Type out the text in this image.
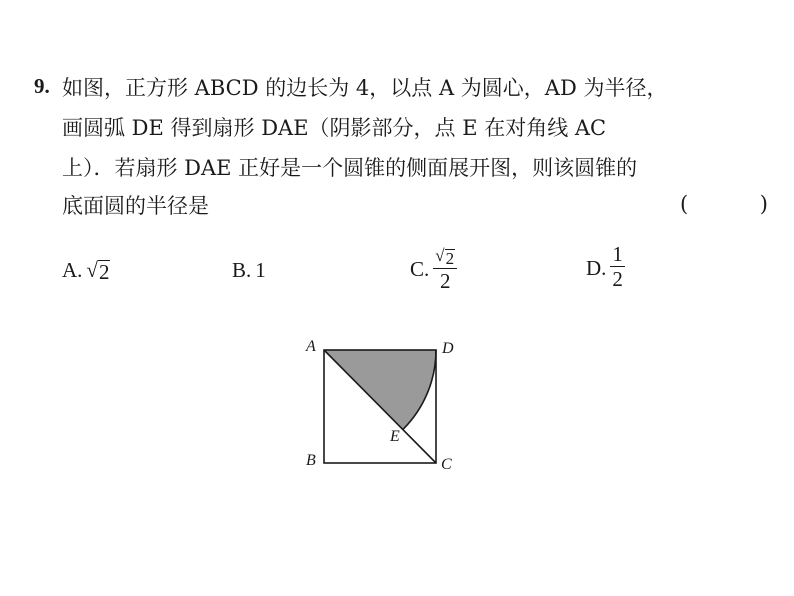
9. 如图，正方形 ABCD 的边长为 4，以点 A 为圆心，AD 为半径，
画圆弧 DE 得到扇形 DAE（阴影部分，点 E 在对角线 AC
上）．若扇形 DAE 正好是一个圆锥的侧面展开图，则该圆锥的
底面圆的半径是	(	)
A. √ 2	B. 1	C. $\frac{√ 2}{2}$	D. $\frac{1}{2}$
A	D
B	C
E
